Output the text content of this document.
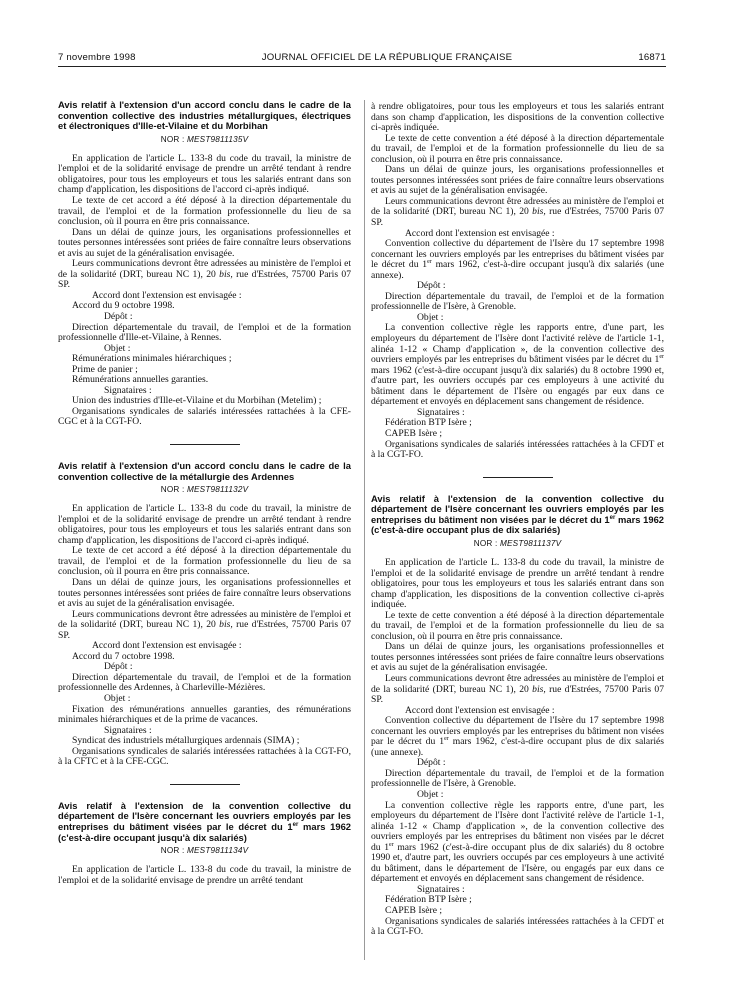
7 novembre 1998	JOURNAL OFFICIEL DE LA RÉPUBLIQUE FRANÇAISE	16871
Avis relatif à l'extension d'un accord conclu dans le cadre de la convention collective des industries métallurgiques, électriques et électroniques d'Ille-et-Vilaine et du Morbihan

NOR : MEST9811135V

En application de l'article L. 133-8 du code du travail, la ministre de l'emploi et de la solidarité envisage de prendre un arrêté tendant à rendre obligatoires, pour tous les employeurs et tous les salariés entrant dans son champ d'application, les dispositions de l'accord ci-après indiqué.

Le texte de cet accord a été déposé à la direction départementale du travail, de l'emploi et de la formation professionnelle du lieu de sa conclusion, où il pourra en être pris connaissance.

Dans un délai de quinze jours, les organisations professionnelles et toutes personnes intéressées sont priées de faire connaître leurs observations et avis au sujet de la généralisation envisagée.

Leurs communications devront être adressées au ministère de l'emploi et de la solidarité (DRT, bureau NC 1), 20 bis, rue d'Estrées, 75700 Paris 07 SP.

Accord dont l'extension est envisagée :

Accord du 9 octobre 1998.

Dépôt :

Direction départementale du travail, de l'emploi et de la formation professionnelle d'Ille-et-Vilaine, à Rennes.

Objet :

Rémunérations minimales hiérarchiques ;

Prime de panier ;

Rémunérations annuelles garanties.

Signataires :

Union des industries d'Ille-et-Vilaine et du Morbihan (Metelim) ;

Organisations syndicales de salariés intéressées rattachées à la CFE-CGC et à la CGT-FO.

Avis relatif à l'extension d'un accord conclu dans le cadre de la convention collective de la métallurgie des Ardennes

NOR : MEST9811132V

En application de l'article L. 133-8 du code du travail, la ministre de l'emploi et de la solidarité envisage de prendre un arrêté tendant à rendre obligatoires, pour tous les employeurs et tous les salariés entrant dans son champ d'application, les dispositions de l'accord ci-après indiqué.

Le texte de cet accord a été déposé à la direction départementale du travail, de l'emploi et de la formation professionnelle du lieu de sa conclusion, où il pourra en être pris connaissance.

Dans un délai de quinze jours, les organisations professionnelles et toutes personnes intéressées sont priées de faire connaître leurs observations et avis au sujet de la généralisation envisagée.

Leurs communications devront être adressées au ministère de l'emploi et de la solidarité (DRT, bureau NC 1), 20 bis, rue d'Estrées, 75700 Paris 07 SP.

Accord dont l'extension est envisagée :

Accord du 7 octobre 1998.

Dépôt :

Direction départementale du travail, de l'emploi et de la formation professionnelle des Ardennes, à Charleville-Mézières.

Objet :

Fixation des rémunérations annuelles garanties, des rémunérations minimales hiérarchiques et de la prime de vacances.

Signataires :

Syndicat des industriels métallurgiques ardennais (SIMA) ;

Organisations syndicales de salariés intéressées rattachées à la CGT-FO, à la CFTC et à la CFE-CGC.

Avis relatif à l'extension de la convention collective du département de l'Isère concernant les ouvriers employés par les entreprises du bâtiment visées par le décret du 1er mars 1962 (c'est-à-dire occupant jusqu'à dix salariés)

NOR : MEST9811134V

En application de l'article L. 133-8 du code du travail, la ministre de l'emploi et de la solidarité envisage de prendre un arrêté tendant

à rendre obligatoires, pour tous les employeurs et tous les salariés entrant dans son champ d'application, les dispositions de la convention collective ci-après indiquée.

Le texte de cette convention a été déposé à la direction départementale du travail, de l'emploi et de la formation professionnelle du lieu de sa conclusion, où il pourra en être pris connaissance.

Dans un délai de quinze jours, les organisations professionnelles et toutes personnes intéressées sont priées de faire connaître leurs observations et avis au sujet de la généralisation envisagée.

Leurs communications devront être adressées au ministère de l'emploi et de la solidarité (DRT, bureau NC 1), 20 bis, rue d'Estrées, 75700 Paris 07 SP.

Accord dont l'extension est envisagée :

Convention collective du département de l'Isère du 17 septembre 1998 concernant les ouvriers employés par les entreprises du bâtiment visées par le décret du 1er mars 1962, c'est-à-dire occupant jusqu'à dix salariés (une annexe).

Dépôt :

Direction départementale du travail, de l'emploi et de la formation professionnelle de l'Isère, à Grenoble.

Objet :

La convention collective règle les rapports entre, d'une part, les employeurs du département de l'Isère dont l'activité relève de l'article 1-1, alinéa 1-12 « Champ d'application », de la convention collective des ouvriers employés par les entreprises du bâtiment visées par le décret du 1er mars 1962 (c'est-à-dire occupant jusqu'à dix salariés) du 8 octobre 1990 et, d'autre part, les ouvriers occupés par ces employeurs à une activité du bâtiment dans le département de l'Isère ou engagés par eux dans ce département et envoyés en déplacement sans changement de résidence.

Signataires :

Fédération BTP Isère ;

CAPEB Isère ;

Organisations syndicales de salariés intéressées rattachées à la CFDT et à la CGT-FO.

Avis relatif à l'extension de la convention collective du département de l'Isère concernant les ouvriers employés par les entreprises du bâtiment non visées par le décret du 1er mars 1962 (c'est-à-dire occupant plus de dix salariés)

NOR : MEST9811137V

En application de l'article L. 133-8 du code du travail, la ministre de l'emploi et de la solidarité envisage de prendre un arrêté tendant à rendre obligatoires, pour tous les employeurs et tous les salariés entrant dans son champ d'application, les dispositions de la convention collective ci-après indiquée.

Le texte de cette convention a été déposé à la direction départementale du travail, de l'emploi et de la formation professionnelle du lieu de sa conclusion, où il pourra en être pris connaissance.

Dans un délai de quinze jours, les organisations professionnelles et toutes personnes intéressées sont priées de faire connaître leurs observations et avis au sujet de la généralisation envisagée.

Leurs communications devront être adressées au ministère de l'emploi et de la solidarité (DRT, bureau NC 1), 20 bis, rue d'Estrées, 75700 Paris 07 SP.

Accord dont l'extension est envisagée :

Convention collective du département de l'Isère du 17 septembre 1998 concernant les ouvriers employés par les entreprises du bâtiment non visées par le décret du 1er mars 1962, c'est-à-dire occupant plus de dix salariés (une annexe).

Dépôt :

Direction départementale du travail, de l'emploi et de la formation professionnelle de l'Isère, à Grenoble.

Objet :

La convention collective règle les rapports entre, d'une part, les employeurs du département de l'Isère dont l'activité relève de l'article 1-1, alinéa 1-12 « Champ d'application », de la convention collective des ouvriers employés par les entreprises du bâtiment non visées par le décret du 1er mars 1962 (c'est-à-dire occupant plus de dix salariés) du 8 octobre 1990 et, d'autre part, les ouvriers occupés par ces employeurs à une activité du bâtiment, dans le département de l'Isère, ou engagés par eux dans ce département et envoyés en déplacement sans changement de résidence.

Signataires :

Fédération BTP Isère ;

CAPEB Isère ;

Organisations syndicales de salariés intéressées rattachées à la CFDT et à la CGT-FO.
